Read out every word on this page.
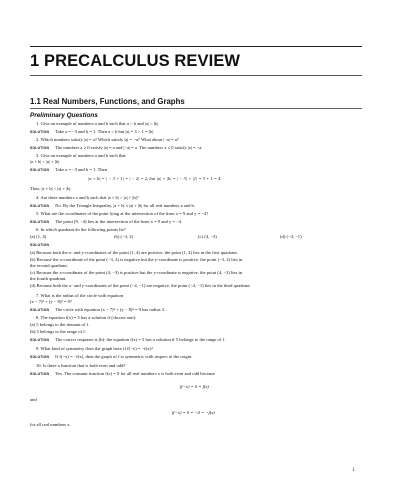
1 PRECALCULUS REVIEW
1.1 Real Numbers, Functions, and Graphs
Preliminary Questions
1. Give an example of numbers a and b such that a < b and |a| > |b|.
SOLUTION Take a = −3 and b = 1. Then a < b but |a| = 3 > 1 = |b|.
2. Which numbers satisfy |a| = a? Which satisfy |a| = −a? What about |−a| = a?
SOLUTION The numbers a ≥ 0 satisfy |a| = a and |−a| = a. The numbers a ≤ 0 satisfy |a| = −a.
3. Give an example of numbers a and b such that
|a + b| < |a| + |b|.
SOLUTION Take a = −3 and b = 1. Then
|a + b| = | − 3 + 1| = | − 2| = 2, but |a| + |b| = | − 3| + |1| = 3 + 1 = 4.
Thus, |a + b| < |a| + |b|.
4. Are there numbers a and b such that |a + b| > |a| + |b|?
SOLUTION No. By the Triangle Inequality, |a + b| ≤ |a| + |b| for all real numbers a and b.
5. What are the coordinates of the point lying at the intersection of the lines x = 9 and y = −4?
SOLUTION The point (9, −4) lies at the intersection of the lines x = 9 and y = −4.
6. In which quadrant do the following points lie?
(a) (1, 4)	(b) (−3, 2)	(c) (4, −3)	(d) (−4, −1)
SOLUTION
(a) Because both the x- and y-coordinates of the point (1, 4) are positive, the point (1, 4) lies in the first quadrant.
(b) Because the x-coordinate of the point (−3, 2) is negative but the y-coordinate is positive, the point (−3, 2) lies in
the second quadrant.
(c) Because the x-coordinate of the point (4, −3) is positive but the y-coordinate is negative, the point (4, −3) lies in
the fourth quadrant.
(d) Because both the x- and y-coordinates of the point (−4, −1) are negative, the point (−4, −1) lies in the third quadrant.
7. What is the radius of the circle with equation
(x − 7)² + (y − 8)² = 9?
SOLUTION The circle with equation (x − 7)² + (y − 8)² = 9 has radius 3.
8. The equation f(x) = 5 has a solution if (choose one):
(a) 5 belongs to the domain of f.
(b) 5 belongs to the range of f.
SOLUTION The correct response is (b): the equation f(x) = 5 has a solution if 5 belongs to the range of f.
9. What kind of symmetry does the graph have if f(−x) = −f(x)?
SOLUTION If f(−x) = −f(x), then the graph of f is symmetric with respect to the origin.
10. Is there a function that is both even and odd?
SOLUTION Yes. The constant function f(x) = 0 for all real numbers x is both even and odd because
f(−x) = 0 = f(x)
and
f(−x) = 0 = −0 = −f(x)
for all real numbers x.
1
